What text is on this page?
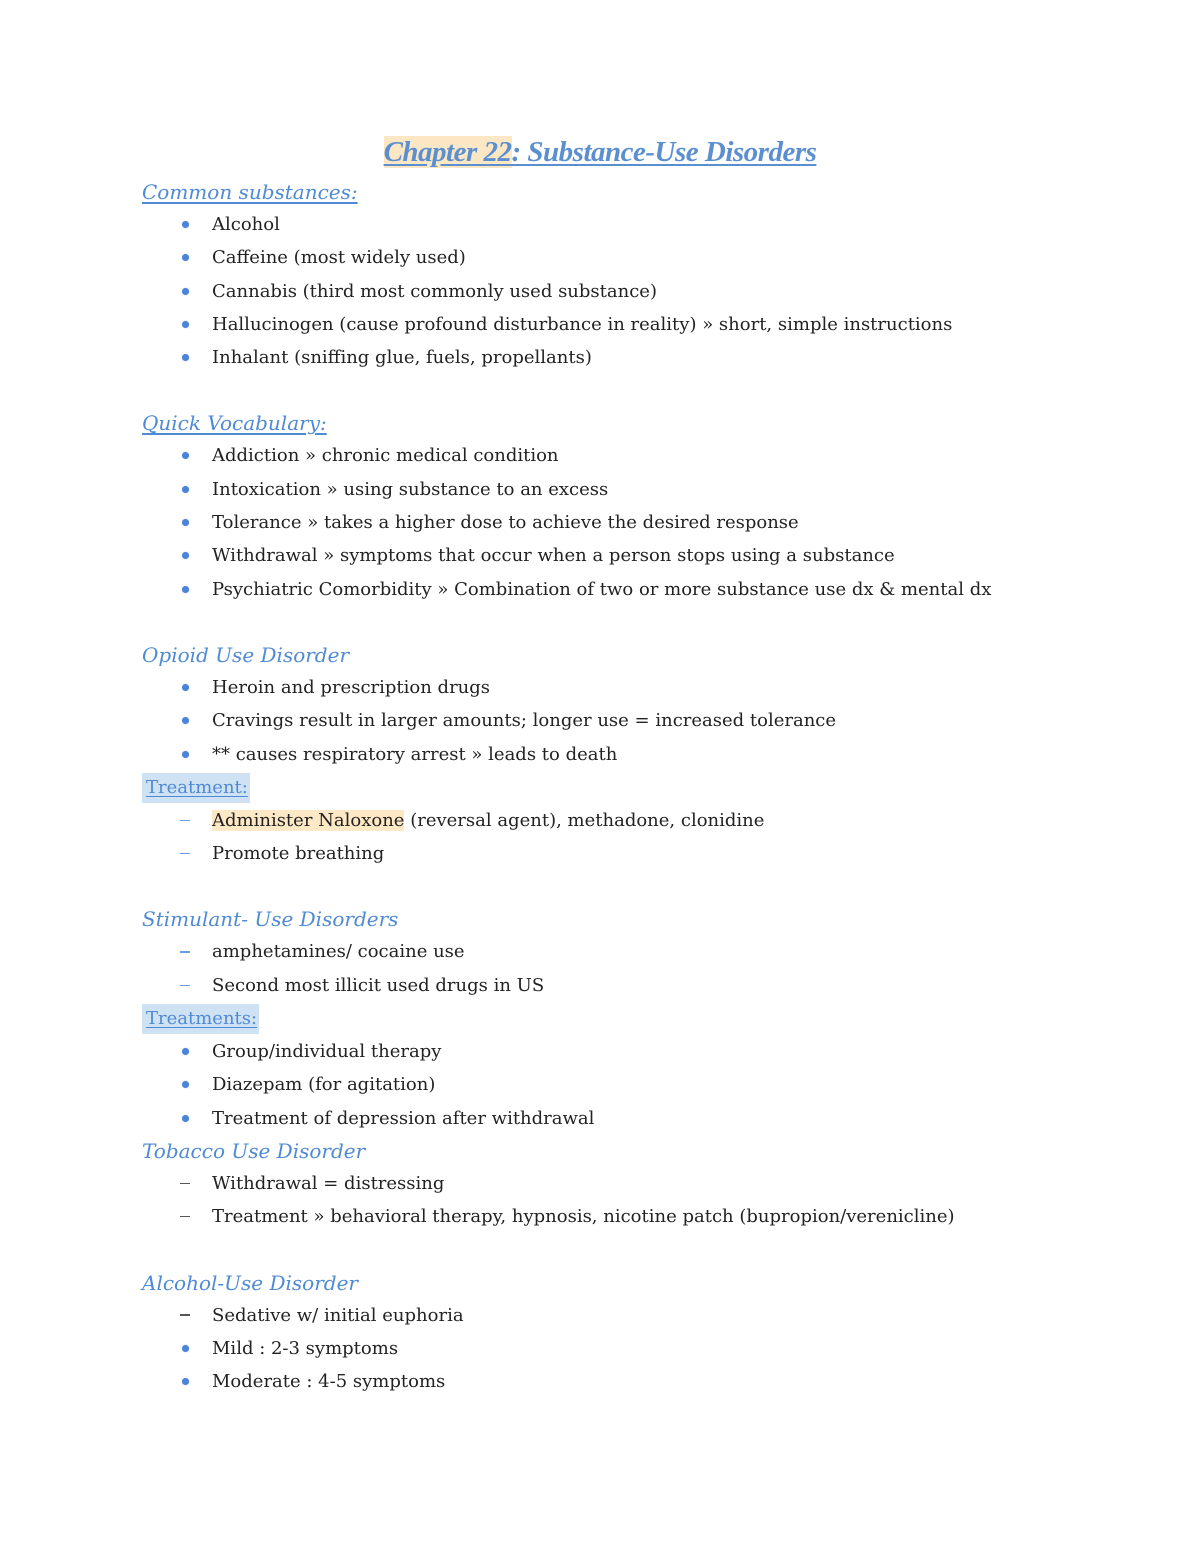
Chapter 22: Substance-Use Disorders
Common substances:
Alcohol
Caffeine (most widely used)
Cannabis (third most commonly used substance)
Hallucinogen (cause profound disturbance in reality) » short, simple instructions
Inhalant (sniffing glue, fuels, propellants)
Quick Vocabulary:
Addiction » chronic medical condition
Intoxication » using substance to an excess
Tolerance » takes a higher dose to achieve the desired response
Withdrawal » symptoms that occur when a person stops using a substance
Psychiatric Comorbidity » Combination of two or more substance use dx & mental dx
Opioid Use Disorder
Heroin and prescription drugs
Cravings result in larger amounts; longer use = increased tolerance
** causes respiratory arrest » leads to death
Treatment:
Administer Naloxone (reversal agent), methadone, clonidine
Promote breathing
Stimulant- Use Disorders
amphetamines/ cocaine use
Second most illicit used drugs in US
Treatments:
Group/individual therapy
Diazepam (for agitation)
Treatment of depression after withdrawal
Tobacco Use Disorder
Withdrawal = distressing
Treatment » behavioral therapy, hypnosis, nicotine patch (bupropion/verenicline)
Alcohol-Use Disorder
Sedative w/ initial euphoria
Mild : 2-3 symptoms
Moderate : 4-5 symptoms
